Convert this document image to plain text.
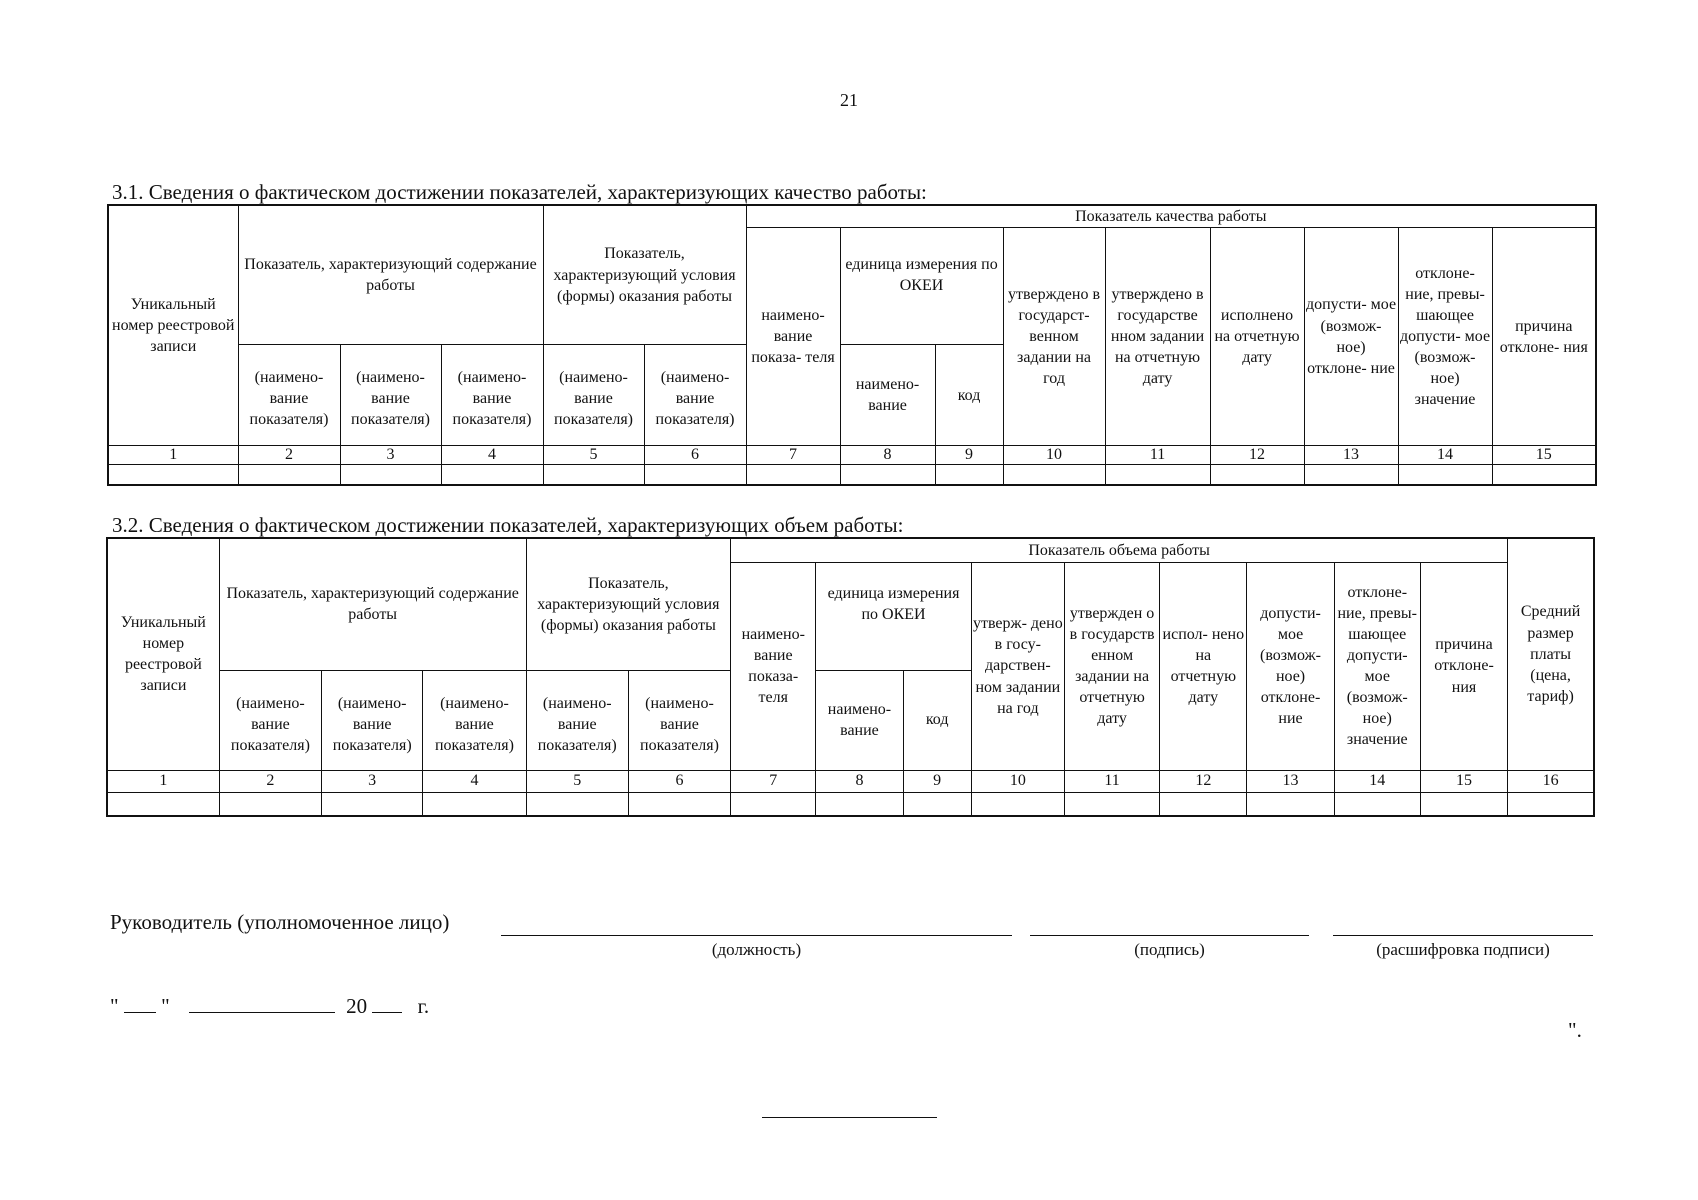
21
3.1. Сведения о фактическом достижении показателей, характеризующих качество работы:
Уникальный номер реестровой записи	Показатель, характеризующий содержание работы			Показатель, характеризующий условия (формы) оказания работы		Показатель качества работы								
						наимено- вание показа- теля	единица измерения по ОКЕИ		утверждено в государст- венном задании на год	утверждено в государстве нном задании на отчетную дату	исполнено на отчетную дату	допусти- мое (возмож- ное) отклоне- ние	отклоне- ние, превы- шающее допусти- мое (возмож- ное) значение	причина отклоне- ния
	(наимено- вание показателя)	(наимено- вание показателя)	(наимено- вание показателя)	(наимено- вание показателя)	(наимено- вание показателя)		наимено- вание	код						
1	2	3	4	5	6	7	8	9	10	11	12	13	14	15

3.2. Сведения о фактическом достижении показателей, характеризующих объем работы:
Уникальный номер реестровой записи	Показатель, характеризующий содержание работы			Показатель, характеризующий условия (формы) оказания работы		Показатель объема работы									Средний размер платы (цена, тариф)
						наимено- вание показа- теля	единица измерения по ОКЕИ		утверж- дено в госу- дарствен- ном задании на год	утвержден о в государств енном задании на отчетную дату	испол- нено на отчетную дату	допусти- мое (возмож- ное) отклоне- ние	отклоне- ние, превы- шающее допусти- мое (возмож- ное) значение	причина отклоне- ния	
	(наимено- вание показателя)	(наимено- вание показателя)	(наимено- вание показателя)	(наимено- вание показателя)	(наимено- вание показателя)		наимено- вание	код							
1	2	3	4	5	6	7	8	9	10	11	12	13	14	15	16

Руководитель (уполномоченное лицо)
(должность)	(подпись)	(расшифровка подписи)
" "	20 г.
".
